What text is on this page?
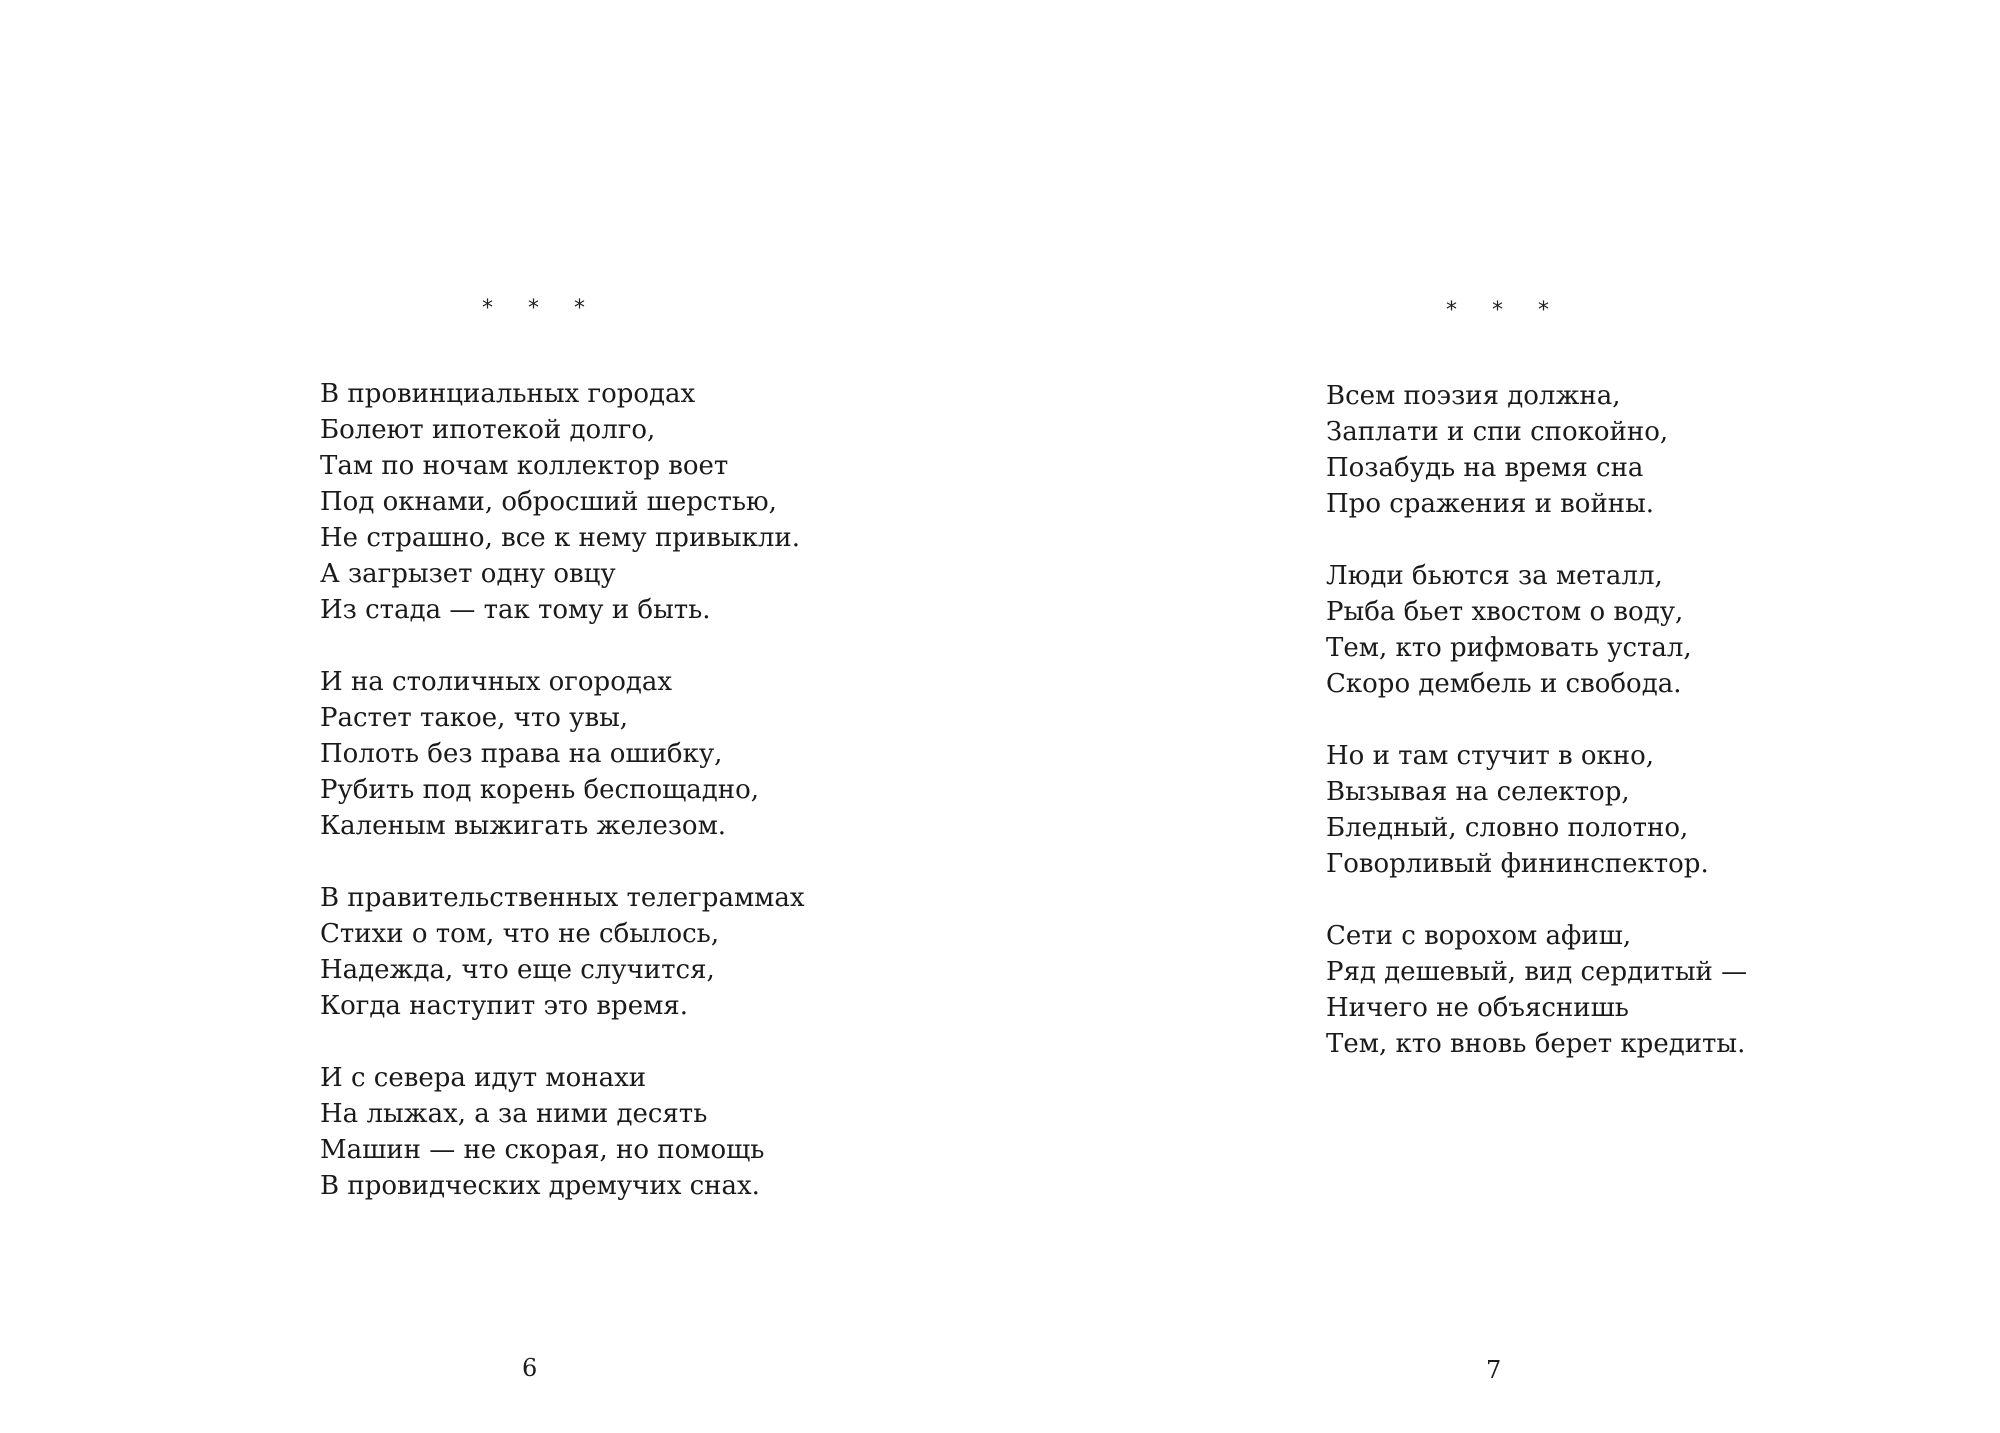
* * *
В провинциальных городах
Болеют ипотекой долго,
Там по ночам коллектор воет
Под окнами, обросший шерстью,
Не страшно, все к нему привыкли.
А загрызет одну овцу
Из стада — так тому и быть.
И на столичных огородах
Растет такое, что увы,
Полоть без права на ошибку,
Рубить под корень беспощадно,
Каленым выжигать железом.
В правительственных телеграммах
Стихи о том, что не сбылось,
Надежда, что еще случится,
Когда наступит это время.
И с севера идут монахи
На лыжах, а за ними десять
Машин — не скорая, но помощь
В провидческих дремучих снах.
6
* * *
Всем поэзия должна,
Заплати и спи спокойно,
Позабудь на время сна
Про сражения и войны.
Люди бьются за металл,
Рыба бьет хвостом о воду,
Тем, кто рифмовать устал,
Скоро дембель и свобода.
Но и там стучит в окно,
Вызывая на селектор,
Бледный, словно полотно,
Говорливый фининспектор.
Сети с ворохом афиш,
Ряд дешевый, вид сердитый —
Ничего не объяснишь
Тем, кто вновь берет кредиты.
7
